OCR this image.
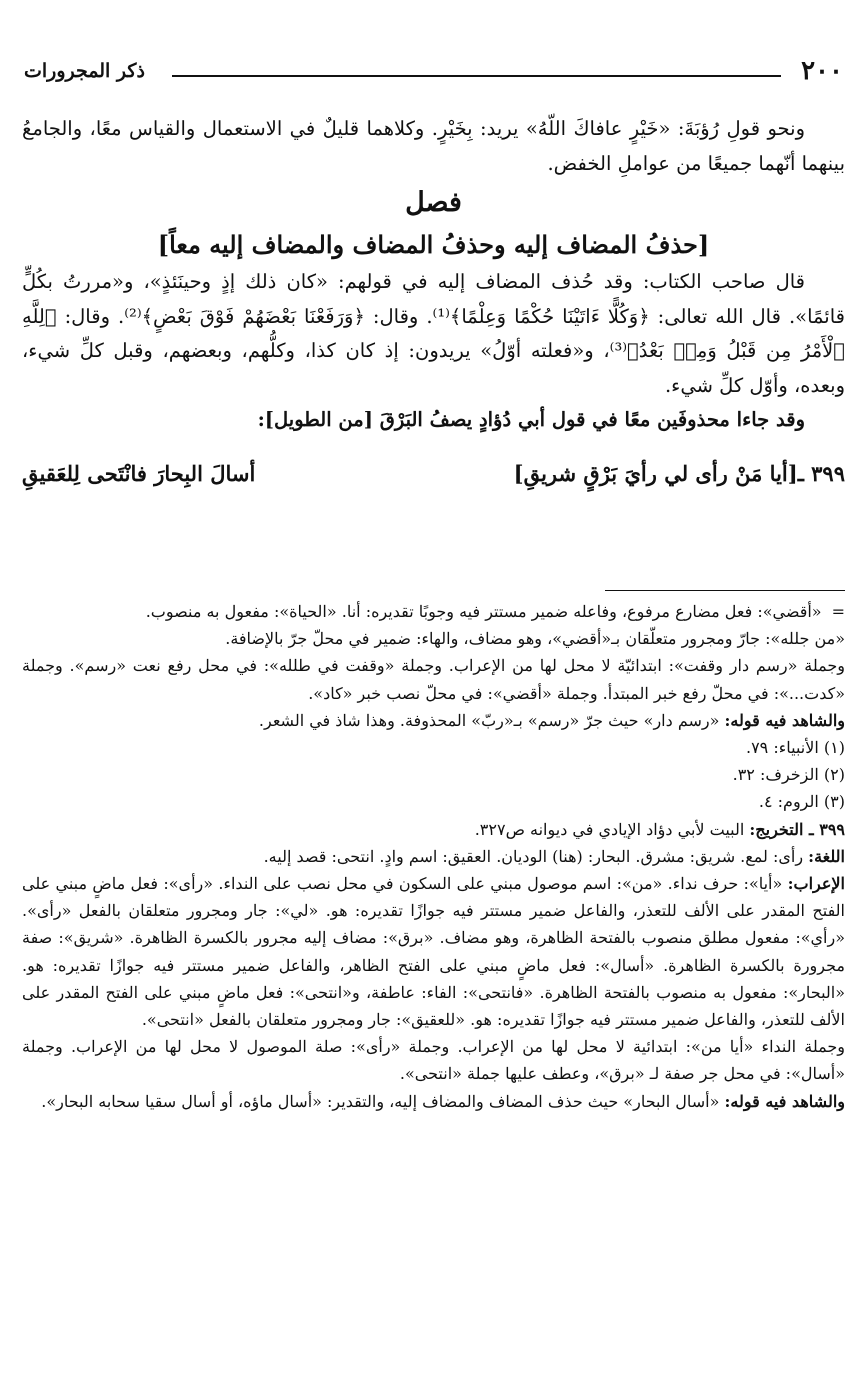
٢٠٠
ذكر المجرورات

ونحو قولِ رُؤبَةَ: «خَيْرٍ عافاكَ اللّهُ» يريد: بِخَيْرٍ. وكلاهما قليلٌ في الاستعمال والقياس معًا، والجامعُ بينهما أنّهما جميعًا من عواملِ الخفض.

فصل

[حذفُ المضاف إليه وحذفُ المضاف والمضاف إليه معاً]

قال صاحب الكتاب: وقد حُذف المضاف إليه في قولهم: «كان ذلك إذٍ وحينَئذٍ»، و«مررتُ بكُلٍّ قائمًا». قال الله تعالى: ﴿وَكُلًّا ءَاتَيْنَا حُكْمًا وَعِلْمًا﴾⁽¹⁾. وقال: ﴿وَرَفَعْنَا بَعْضَهُمْ فَوْقَ بَعْضٍ﴾⁽²⁾. وقال: ﴿لِلَّهِ ٱلْأَمْرُ مِن قَبْلُ وَمِنۢ بَعْدُ﴾⁽³⁾، و«فعلته أوّلُ» يريدون: إذ كان كذا، وكلُّهم، وبعضهم، وقبل كلِّ شيء، وبعده، وأوّل كلِّ شيء.

وقد جاءا محذوفَين معًا في قول أبي دُؤادٍ يصفُ البَرْقَ [من الطويل]:

٣٩٩ ـ[أيا مَنْ رأى لي رأيَ بَرْقٍ شريقِ]
أسالَ البِحارَ فانْتَحى لِلعَقيقِ

=«أقضي»: فعل مضارع مرفوع، وفاعله ضمير مستتر فيه وجوبًا تقديره: أنا. «الحياة»: مفعول به منصوب.

«من جلله»: جارّ ومجرور متعلّقان بـ«أقضي»، وهو مضاف، والهاء: ضمير في محلّ جرّ بالإضافة.

وجملة «رسم دار وقفت»: ابتدائيّة لا محل لها من الإعراب. وجملة «وقفت في طلله»: في محل رفع نعت «رسم». وجملة «كدت...»: في محلّ رفع خبر المبتدأ. وجملة «أقضي»: في محلّ نصب خبر «كاد».

والشاهد فيه قوله: «رسم دار» حيث جرّ «رسم» بـ«ربّ» المحذوفة. وهذا شاذ في الشعر.

(١) الأنبياء: ٧٩.

(٢) الزخرف: ٣٢.

(٣) الروم: ٤.

٣٩٩ ـ التخريج: البيت لأبي دؤاد الإيادي في ديوانه ص٣٢٧.

اللغة: رأى: لمع. شريق: مشرق. البحار: (هنا) الوديان. العقيق: اسم وادٍ. انتحى: قصد إليه.

الإعراب: «أيا»: حرف نداء. «من»: اسم موصول مبني على السكون في محل نصب على النداء. «رأى»: فعل ماضٍ مبني على الفتح المقدر على الألف للتعذر، والفاعل ضمير مستتر فيه جوازًا تقديره: هو. «لي»: جار ومجرور متعلقان بالفعل «رأى». «رأي»: مفعول مطلق منصوب بالفتحة الظاهرة، وهو مضاف. «برق»: مضاف إليه مجرور بالكسرة الظاهرة. «شريق»: صفة مجرورة بالكسرة الظاهرة. «أسال»: فعل ماضٍ مبني على الفتح الظاهر، والفاعل ضمير مستتر فيه جوازًا تقديره: هو. «البحار»: مفعول به منصوب بالفتحة الظاهرة. «فانتحى»: الفاء: عاطفة، و«انتحى»: فعل ماضٍ مبني على الفتح المقدر على الألف للتعذر، والفاعل ضمير مستتر فيه جوازًا تقديره: هو. «للعقيق»: جار ومجرور متعلقان بالفعل «انتحى».

وجملة النداء «أيا من»: ابتدائية لا محل لها من الإعراب. وجملة «رأى»: صلة الموصول لا محل لها من الإعراب. وجملة «أسال»: في محل جر صفة لـ «برق»، وعطف عليها جملة «انتحى».

والشاهد فيه قوله: «أسال البحار» حيث حذف المضاف والمضاف إليه، والتقدير: «أسال ماؤه، أو أسال سقيا سحابه البحار».
